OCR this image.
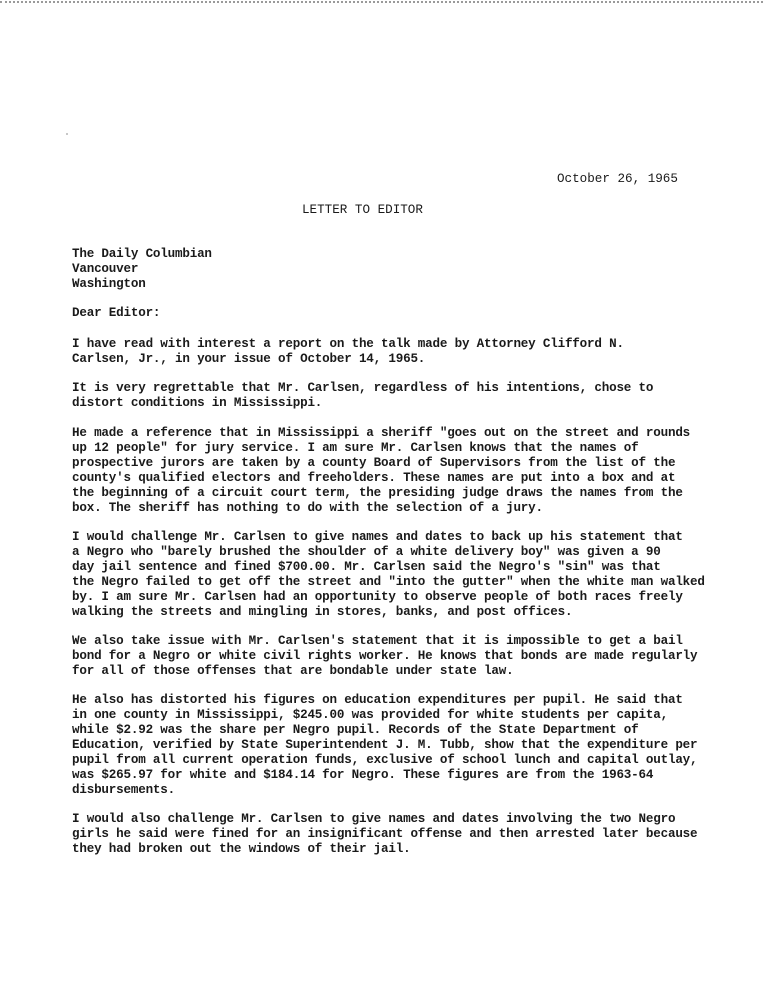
October 26, 1965
LETTER TO EDITOR
The Daily Columbian
Vancouver
Washington
Dear Editor:
I have read with interest a report on the talk made by Attorney Clifford N.
Carlsen, Jr., in your issue of October 14, 1965.
It is very regrettable that Mr. Carlsen, regardless of his intentions, chose to
distort conditions in Mississippi.
He made a reference that in Mississippi a sheriff "goes out on the street and rounds
up 12 people" for jury service. I am sure Mr. Carlsen knows that the names of
prospective jurors are taken by a county Board of Supervisors from the list of the
county's qualified electors and freeholders. These names are put into a box and at
the beginning of a circuit court term, the presiding judge draws the names from the
box. The sheriff has nothing to do with the selection of a jury.
I would challenge Mr. Carlsen to give names and dates to back up his statement that
a Negro who "barely brushed the shoulder of a white delivery boy" was given a 90
day jail sentence and fined $700.00. Mr. Carlsen said the Negro's "sin" was that
the Negro failed to get off the street and "into the gutter" when the white man walked
by. I am sure Mr. Carlsen had an opportunity to observe people of both races freely
walking the streets and mingling in stores, banks, and post offices.
We also take issue with Mr. Carlsen's statement that it is impossible to get a bail
bond for a Negro or white civil rights worker. He knows that bonds are made regularly
for all of those offenses that are bondable under state law.
He also has distorted his figures on education expenditures per pupil. He said that
in one county in Mississippi, $245.00 was provided for white students per capita,
while $2.92 was the share per Negro pupil. Records of the State Department of
Education, verified by State Superintendent J. M. Tubb, show that the expenditure per
pupil from all current operation funds, exclusive of school lunch and capital outlay,
was $265.97 for white and $184.14 for Negro. These figures are from the 1963-64
disbursements.
I would also challenge Mr. Carlsen to give names and dates involving the two Negro
girls he said were fined for an insignificant offense and then arrested later because
they had broken out the windows of their jail.
